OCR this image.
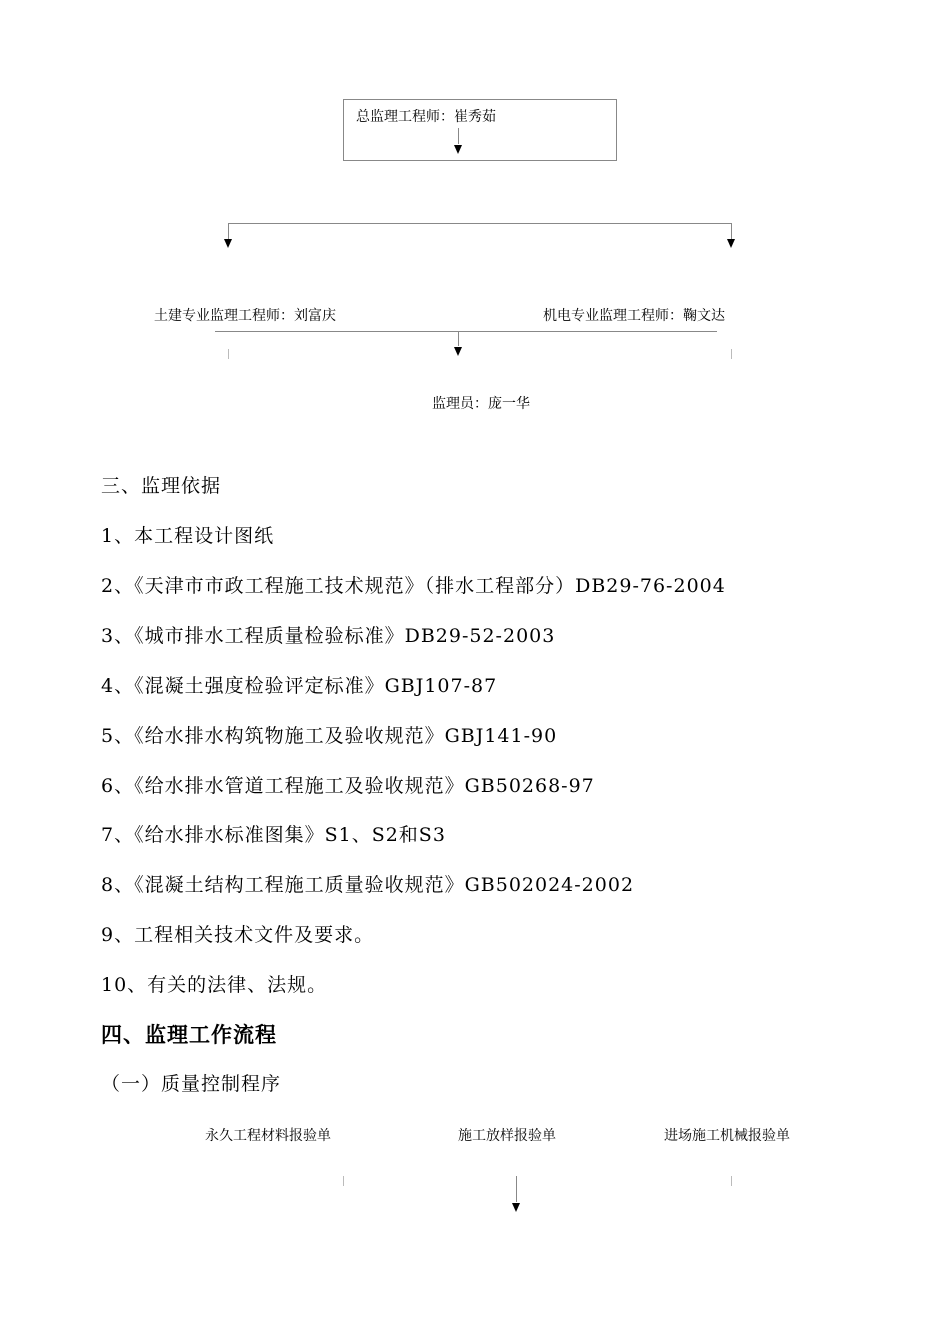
总监理工程师：崔秀茹
土建专业监理工程师：刘富庆	机电专业监理工程师：鞠文达
监理员：庞一华
三、监理依据
1、本工程设计图纸
2、《天津市市政工程施工技术规范》（排水工程部分）DB29-76-2004
3、《城市排水工程质量检验标准》DB29-52-2003
4、《混凝土强度检验评定标准》GBJ107-87
5、《给水排水构筑物施工及验收规范》GBJ141-90
6、《给水排水管道工程施工及验收规范》GB50268-97
7、《给水排水标准图集》S1、S2和S3
8、《混凝土结构工程施工质量验收规范》GB502024-2002
9、工程相关技术文件及要求。
10、有关的法律、法规。
四、监理工作流程
（一）质量控制程序
永久工程材料报验单	施工放样报验单	进场施工机械报验单
